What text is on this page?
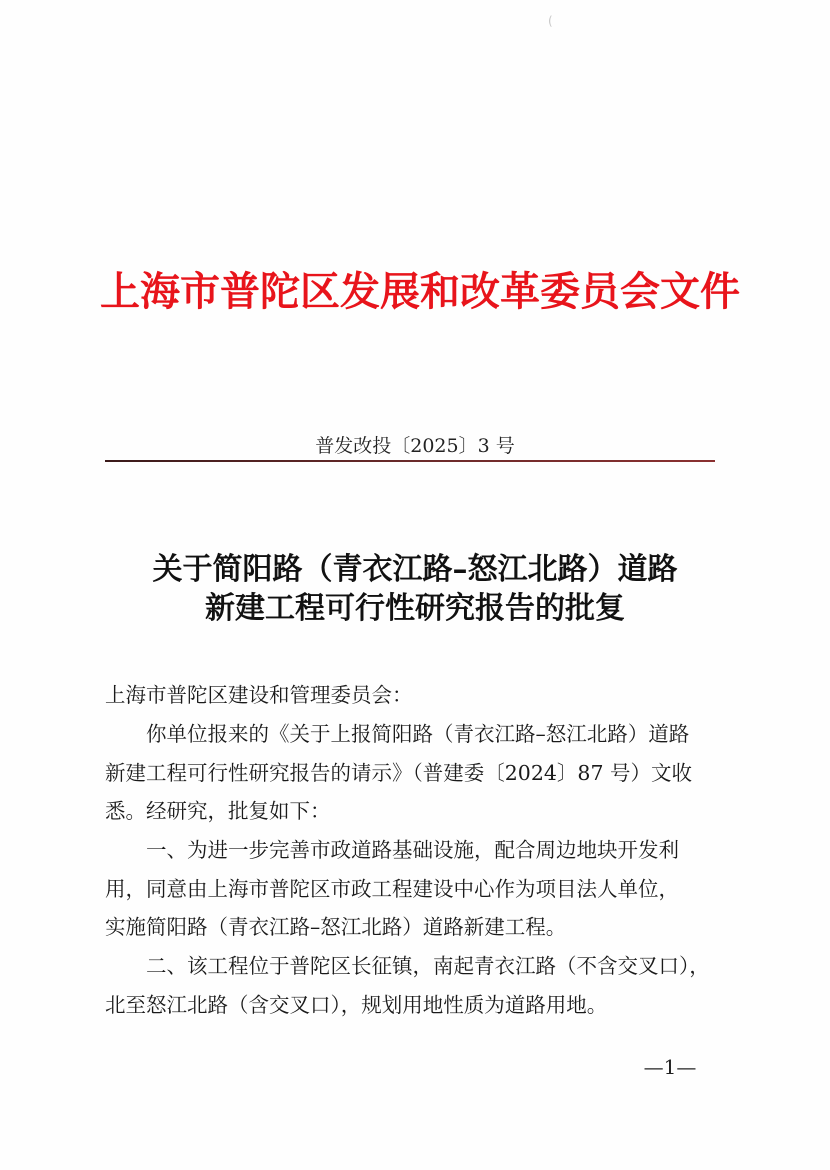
(
上海市普陀区发展和改革委员会文件
普发改投〔2025〕3 号
关于简阳路（青衣江路–怒江北路）道路
新建工程可行性研究报告的批复
上海市普陀区建设和管理委员会：
你单位报来的《关于上报简阳路（青衣江路–怒江北路）道路
新建工程可行性研究报告的请示》（普建委〔2024〕87 号）文收
悉。经研究，批复如下：
一、为进一步完善市政道路基础设施，配合周边地块开发利
用，同意由上海市普陀区市政工程建设中心作为项目法人单位，
实施简阳路（青衣江路–怒江北路）道路新建工程。
二、该工程位于普陀区长征镇，南起青衣江路（不含交叉口），
北至怒江北路（含交叉口），规划用地性质为道路用地。
—1—
